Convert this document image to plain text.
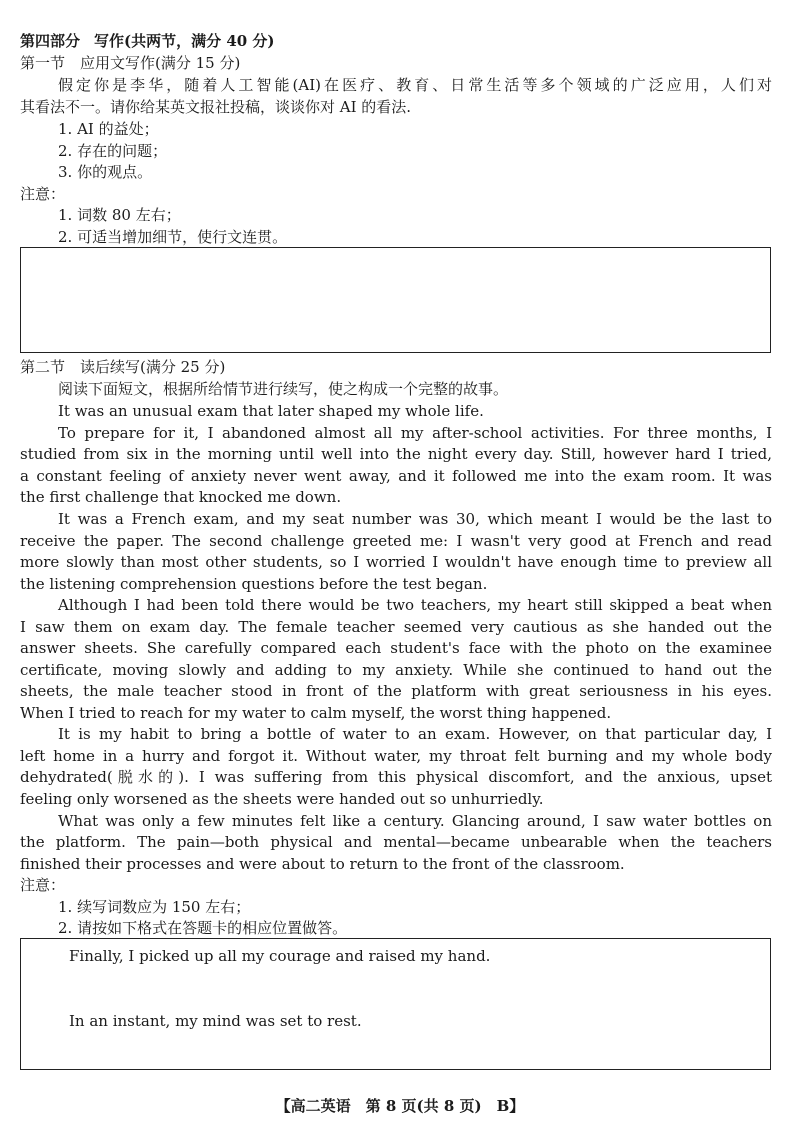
第四部分 写作(共两节，满分 40 分)
第一节　应用文写作(满分 15 分)
假定你是李华，随着人工智能(AI)在医疗、教育、日常生活等多个领域的广泛应用，人们对
其看法不一。请你给某英文报社投稿，谈谈你对 AI 的看法.
1. AI 的益处；
2. 存在的问题；
3. 你的观点。
注意：
1. 词数 80 左右；
2. 可适当增加细节，使行文连贯。
第二节　读后续写(满分 25 分)
阅读下面短文，根据所给情节进行续写，使之构成一个完整的故事。
It was an unusual exam that later shaped my whole life.
To prepare for it, I abandoned almost all my after-school activities. For three months, I
studied from six in the morning until well into the night every day. Still, however hard I tried,
a constant feeling of anxiety never went away, and it followed me into the exam room. It was
the first challenge that knocked me down.
It was a French exam, and my seat number was 30, which meant I would be the last to
receive the paper. The second challenge greeted me: I wasn't very good at French and read
more slowly than most other students, so I worried I wouldn't have enough time to preview all
the listening comprehension questions before the test began.
Although I had been told there would be two teachers, my heart still skipped a beat when
I saw them on exam day. The female teacher seemed very cautious as she handed out the
answer sheets. She carefully compared each student's face with the photo on the examinee
certificate, moving slowly and adding to my anxiety. While she continued to hand out the
sheets, the male teacher stood in front of the platform with great seriousness in his eyes.
When I tried to reach for my water to calm myself, the worst thing happened.
It is my habit to bring a bottle of water to an exam. However, on that particular day, I
left home in a hurry and forgot it. Without water, my throat felt burning and my whole body
dehydrated(脱水的). I was suffering from this physical discomfort, and the anxious, upset
feeling only worsened as the sheets were handed out so unhurriedly.
What was only a few minutes felt like a century. Glancing around, I saw water bottles on
the platform. The pain—both physical and mental—became unbearable when the teachers
finished their processes and were about to return to the front of the classroom.
注意：
1. 续写词数应为 150 左右；
2. 请按如下格式在答题卡的相应位置做答。
Finally, I picked up all my courage and raised my hand.
In an instant, my mind was set to rest.
【高二英语　第 8 页(共 8 页)　B】
